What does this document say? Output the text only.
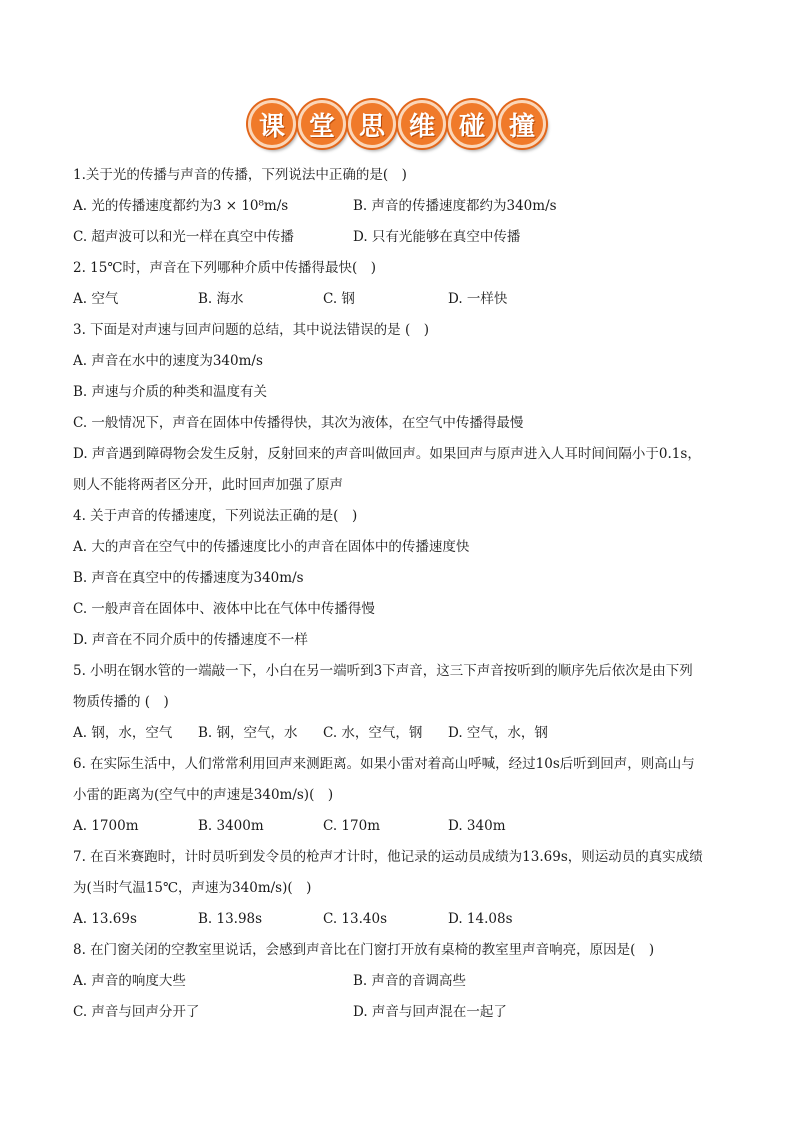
课 堂 思 维 碰 撞
1.关于光的传播与声音的传播，下列说法中正确的是(　)
A. 光的传播速度都约为3 × 10⁸m/s	B. 声音的传播速度都约为340m/s
C. 超声波可以和光一样在真空中传播	D. 只有光能够在真空中传播
2. 15℃时，声音在下列哪种介质中传播得最快(　)
A. 空气	B. 海水	C. 钢	D. 一样快
3. 下面是对声速与回声问题的总结，其中说法错误的是 (　)
A. 声音在水中的速度为340m/s
B. 声速与介质的种类和温度有关
C. 一般情况下，声音在固体中传播得快，其次为液体，在空气中传播得最慢
D. 声音遇到障碍物会发生反射，反射回来的声音叫做回声。如果回声与原声进入人耳时间间隔小于0.1s，
则人不能将两者区分开，此时回声加强了原声
4. 关于声音的传播速度，下列说法正确的是(　)
A. 大的声音在空气中的传播速度比小的声音在固体中的传播速度快
B. 声音在真空中的传播速度为340m/s
C. 一般声音在固体中、液体中比在气体中传播得慢
D. 声音在不同介质中的传播速度不一样
5. 小明在钢水管的一端敲一下，小白在另一端听到3下声音，这三下声音按听到的顺序先后依次是由下列
物质传播的 (　)
A. 钢，水，空气	B. 钢，空气，水	C. 水，空气，钢	D. 空气，水，钢
6. 在实际生活中，人们常常利用回声来测距离。如果小雷对着高山呼喊，经过10s后听到回声，则高山与
小雷的距离为(空气中的声速是340m/s)(　)
A. 1700m	B. 3400m	C. 170m	D. 340m
7. 在百米赛跑时，计时员听到发令员的枪声才计时，他记录的运动员成绩为13.69s，则运动员的真实成绩
为(当时气温15℃，声速为340m/s)(　)
A. 13.69s	B. 13.98s	C. 13.40s	D. 14.08s
8. 在门窗关闭的空教室里说话，会感到声音比在门窗打开放有桌椅的教室里声音响亮，原因是(　)
A. 声音的响度大些	B. 声音的音调高些
C. 声音与回声分开了	D. 声音与回声混在一起了
